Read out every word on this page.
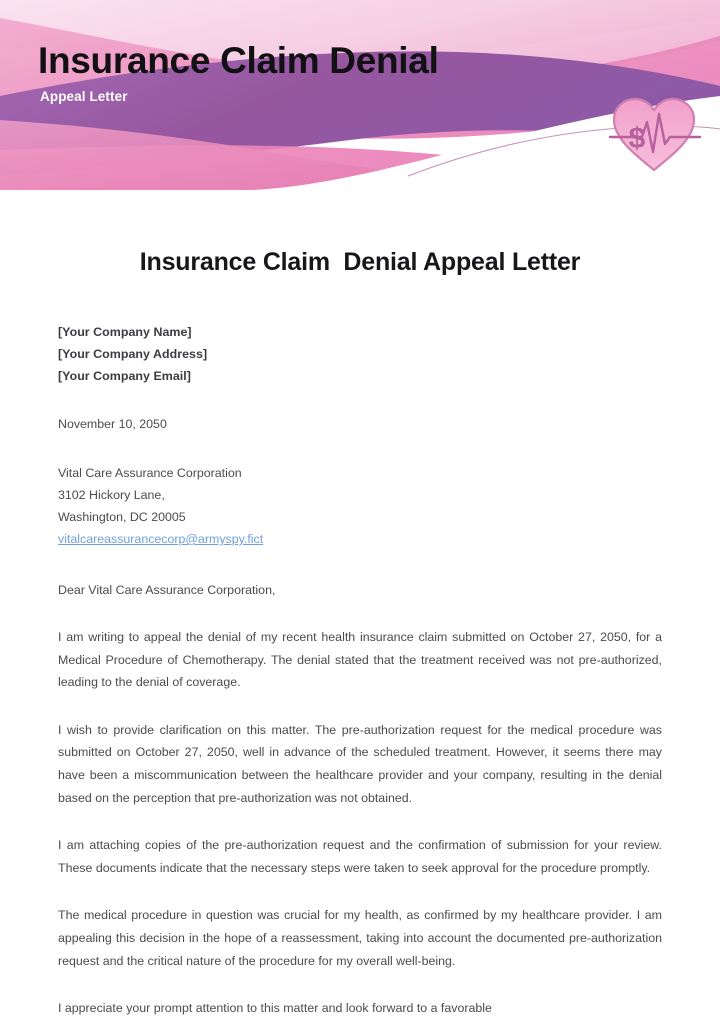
Insurance Claim Denial
Appeal Letter
$
Insurance Claim  Denial Appeal Letter
[Your Company Name]
[Your Company Address]
[Your Company Email]
November 10, 2050
Vital Care Assurance Corporation
3102 Hickory Lane,
Washington, DC 20005
vitalcareassurancecorp@armyspy.fict
Dear Vital Care Assurance Corporation,
I am writing to appeal the denial of my recent health insurance claim submitted on October 27, 2050, for a Medical Procedure of Chemotherapy. The denial stated that the treatment received was not pre-authorized, leading to the denial of coverage.
I wish to provide clarification on this matter. The pre-authorization request for the medical procedure was submitted on October 27, 2050, well in advance of the scheduled treatment. However, it seems there may have been a miscommunication between the healthcare provider and your company, resulting in the denial based on the perception that pre-authorization was not obtained.
I am attaching copies of the pre-authorization request and the confirmation of submission for your review. These documents indicate that the necessary steps were taken to seek approval for the procedure promptly.
The medical procedure in question was crucial for my health, as confirmed by my healthcare provider. I am appealing this decision in the hope of a reassessment, taking into account the documented pre-authorization request and the critical nature of the procedure for my overall well-being.
I appreciate your prompt attention to this matter and look forward to a favorable
